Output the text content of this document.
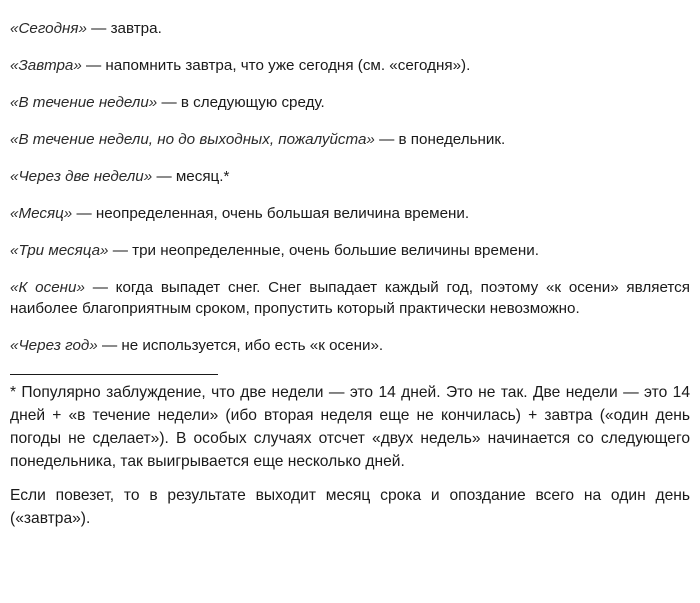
«Сегодня» — завтра.

«Завтра» — напомнить завтра, что уже сегодня (см. «сегодня»).

«В течение недели» — в следующую среду.

«В течение недели, но до выходных, пожалуйста» — в понедельник.

«Через две недели» — месяц.*

«Месяц» — неопределенная, очень большая величина времени.

«Три месяца» — три неопределенные, очень большие величины времени.

«К осени» — когда выпадет снег. Снег выпадает каждый год, поэтому «к осени» является наиболее благоприятным сроком, пропустить который практически невозможно.

«Через год» — не используется, ибо есть «к осени».

* Популярно заблуждение, что две недели — это 14 дней. Это не так. Две недели — это 14 дней + «в течение недели» (ибо вторая неделя еще не кончилась) + завтра («один день погоды не сделает»). В особых случаях отсчет «двух недель» начинается со следующего понедельника, так выигрывается еще несколько дней.

Если повезет, то в результате выходит месяц срока и опоздание всего на один день («завтра»).
